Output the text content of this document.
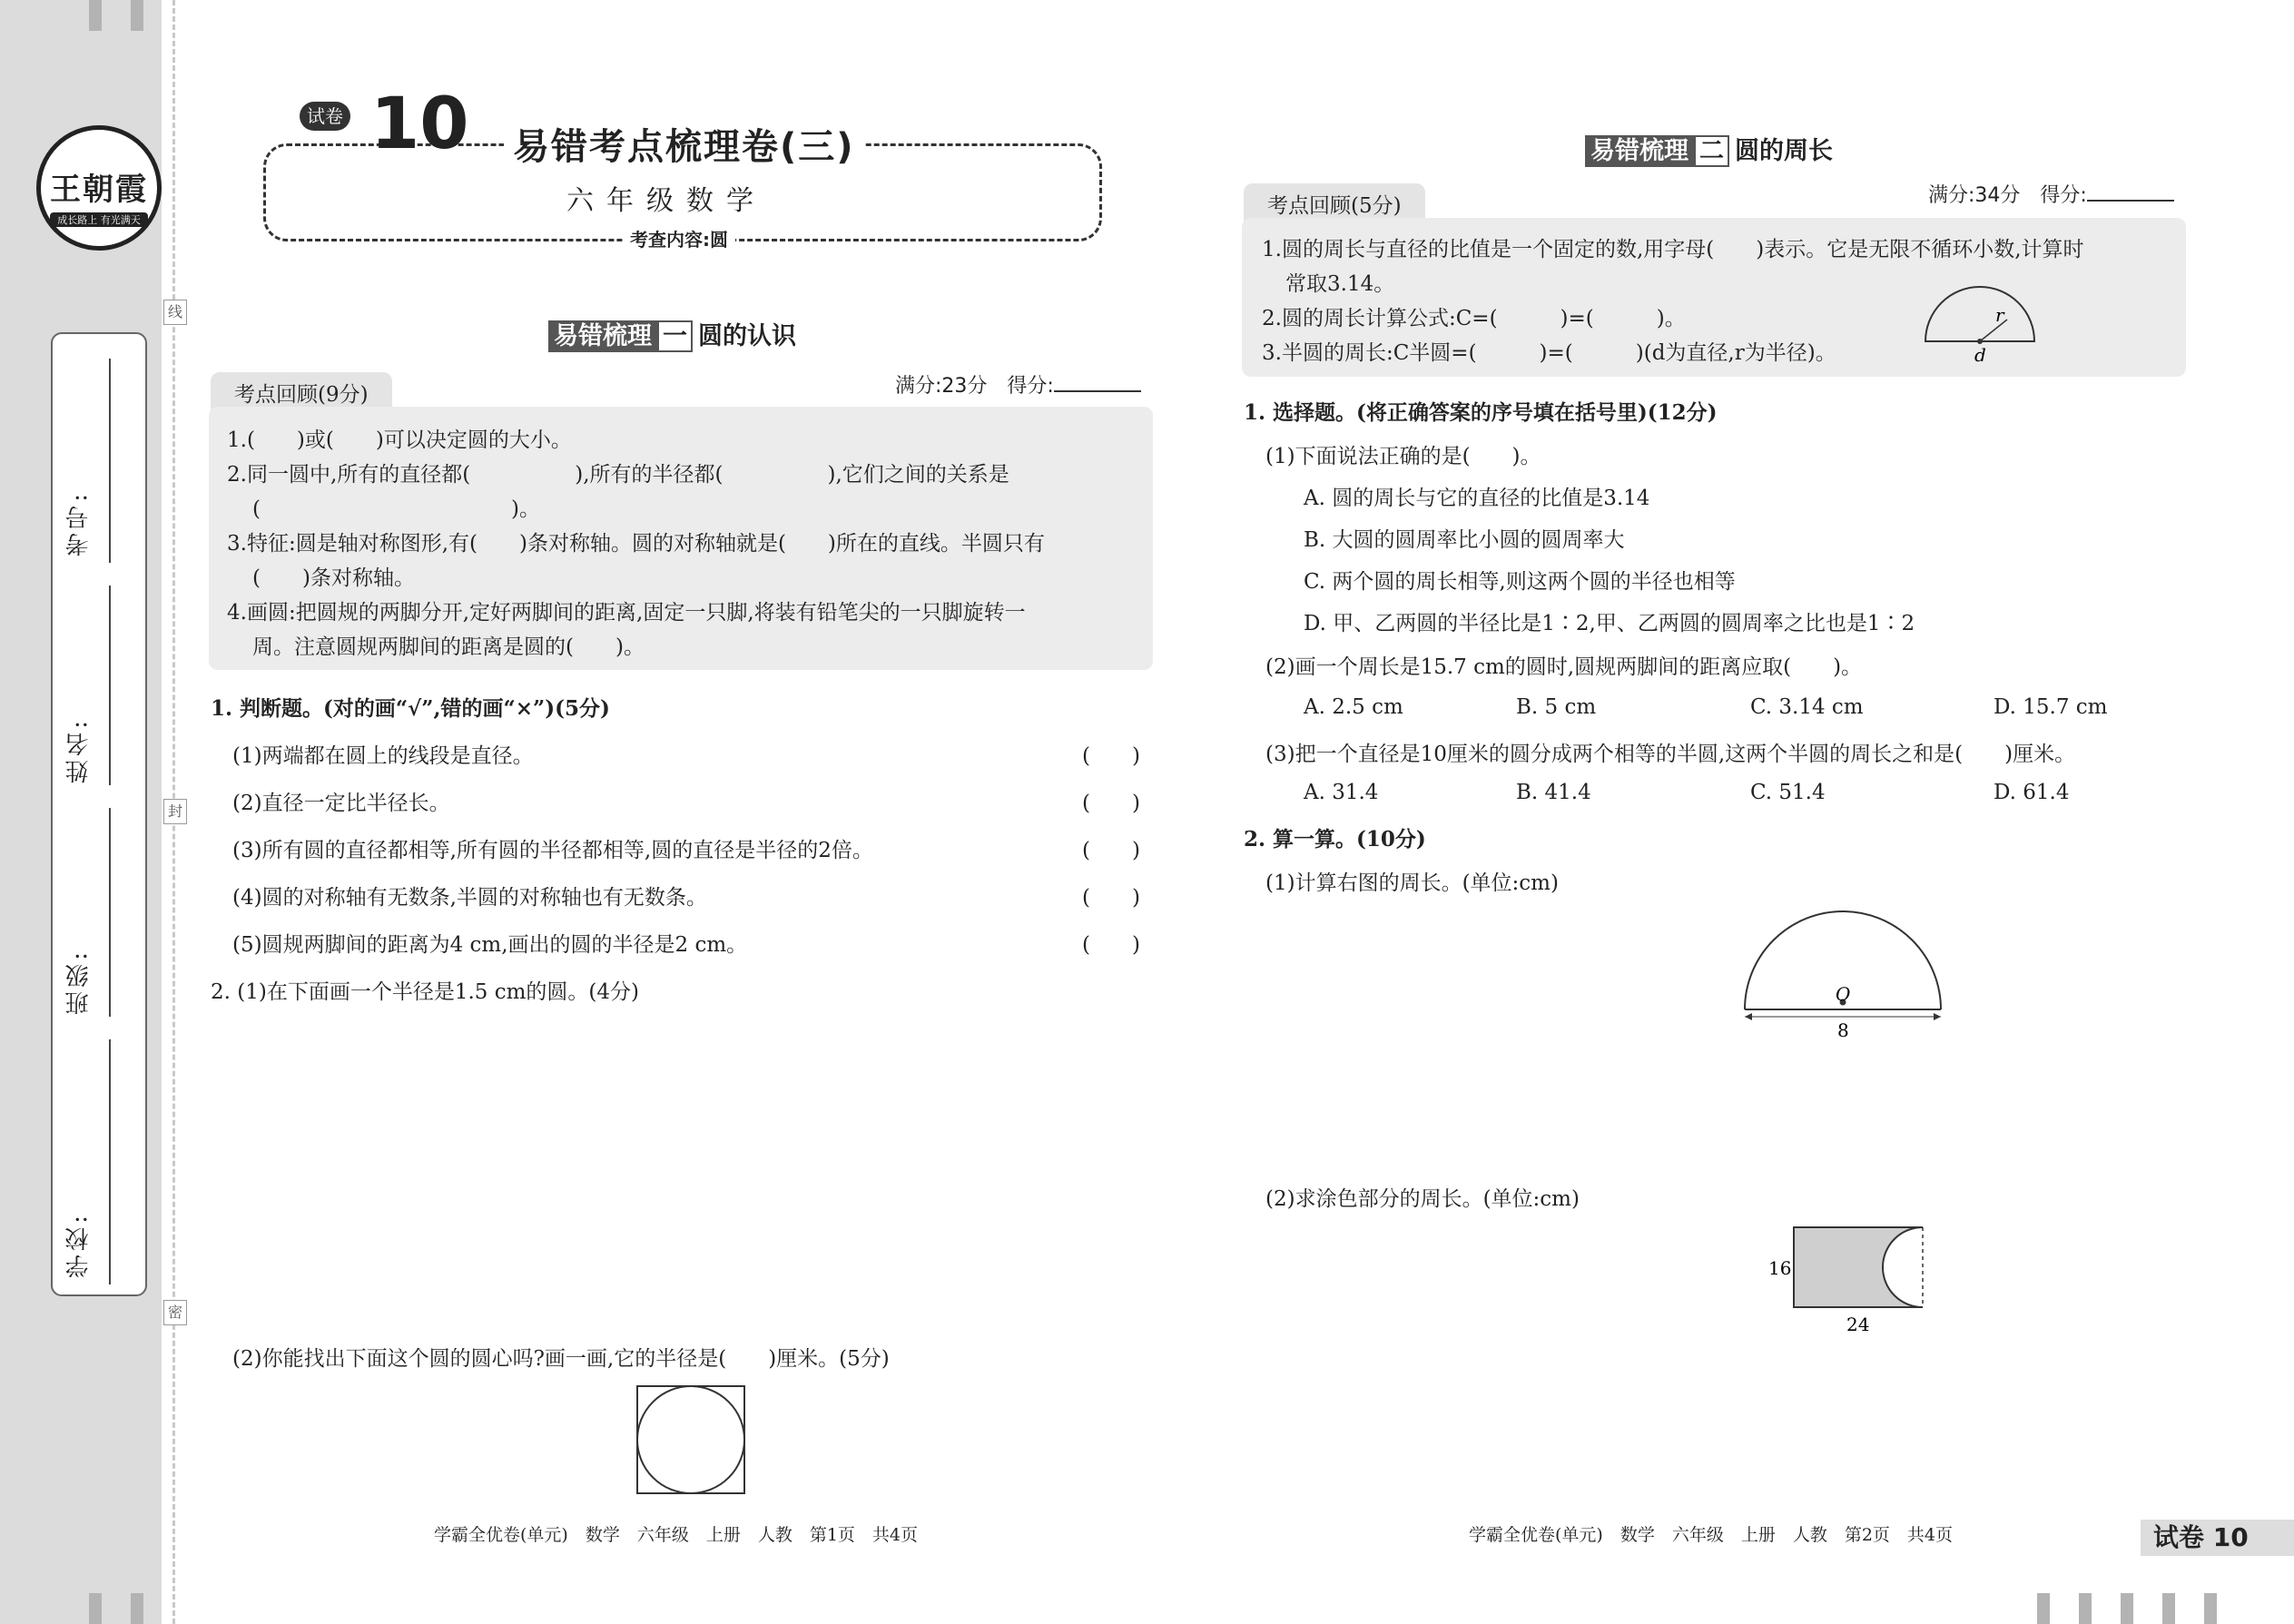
线
封
密
王朝霞
成长路上 有光满天
考号:
姓名:
班级:
学校:
试卷 10 易错考点梳理卷(三)
六年级数学
考查内容:圆
易错梳理 一 圆的认识
考点回顾(9分)	满分:23分　得分:
1.(　　)或(　　)可以决定圆的大小。
2.同一圆中,所有的直径都(　　　　　),所有的半径都(　　　　　),它们之间的关系是
(　　　　　　　　　　　　)。
3.特征:圆是轴对称图形,有(　　)条对称轴。圆的对称轴就是(　　)所在的直线。半圆只有
(　　)条对称轴。
4.画圆:把圆规的两脚分开,定好两脚间的距离,固定一只脚,将装有铅笔尖的一只脚旋转一
周。注意圆规两脚间的距离是圆的(　　)。
1. 判断题。(对的画“√”,错的画“×”)(5分)
(1)两端都在圆上的线段是直径。	(　　)
(2)直径一定比半径长。	(　　)
(3)所有圆的直径都相等,所有圆的半径都相等,圆的直径是半径的2倍。	(　　)
(4)圆的对称轴有无数条,半圆的对称轴也有无数条。	(　　)
(5)圆规两脚间的距离为4 cm,画出的圆的半径是2 cm。	(　　)
2. (1)在下面画一个半径是1.5 cm的圆。(4分)
(2)你能找出下面这个圆的圆心吗?画一画,它的半径是(　　)厘米。(5分)
学霸全优卷(单元)　数学　六年级　上册　人教　第1页　共4页
易错梳理 二 圆的周长
考点回顾(5分)	满分:34分　得分:
1.圆的周长与直径的比值是一个固定的数,用字母(　　)表示。它是无限不循环小数,计算时
常取3.14。
2.圆的周长计算公式:C=(　　　)=(　　　)。
3.半圆的周长:C半圆=(　　　)=(　　　)(d为直径,r为半径)。
r
d
1. 选择题。(将正确答案的序号填在括号里)(12分)
(1)下面说法正确的是(　　)。
A. 圆的周长与它的直径的比值是3.14
B. 大圆的圆周率比小圆的圆周率大
C. 两个圆的周长相等,则这两个圆的半径也相等
D. 甲、乙两圆的半径比是1∶2,甲、乙两圆的圆周率之比也是1∶2
(2)画一个周长是15.7 cm的圆时,圆规两脚间的距离应取(　　)。
A. 2.5 cm	B. 5 cm	C. 3.14 cm	D. 15.7 cm
(3)把一个直径是10厘米的圆分成两个相等的半圆,这两个半圆的周长之和是(　　)厘米。
A. 31.4	B. 41.4	C. 51.4	D. 61.4
2. 算一算。(10分)
(1)计算右图的周长。(单位:cm)
O
8
(2)求涂色部分的周长。(单位:cm)
16
24
学霸全优卷(单元)　数学　六年级　上册　人教　第2页　共4页	试卷 10
